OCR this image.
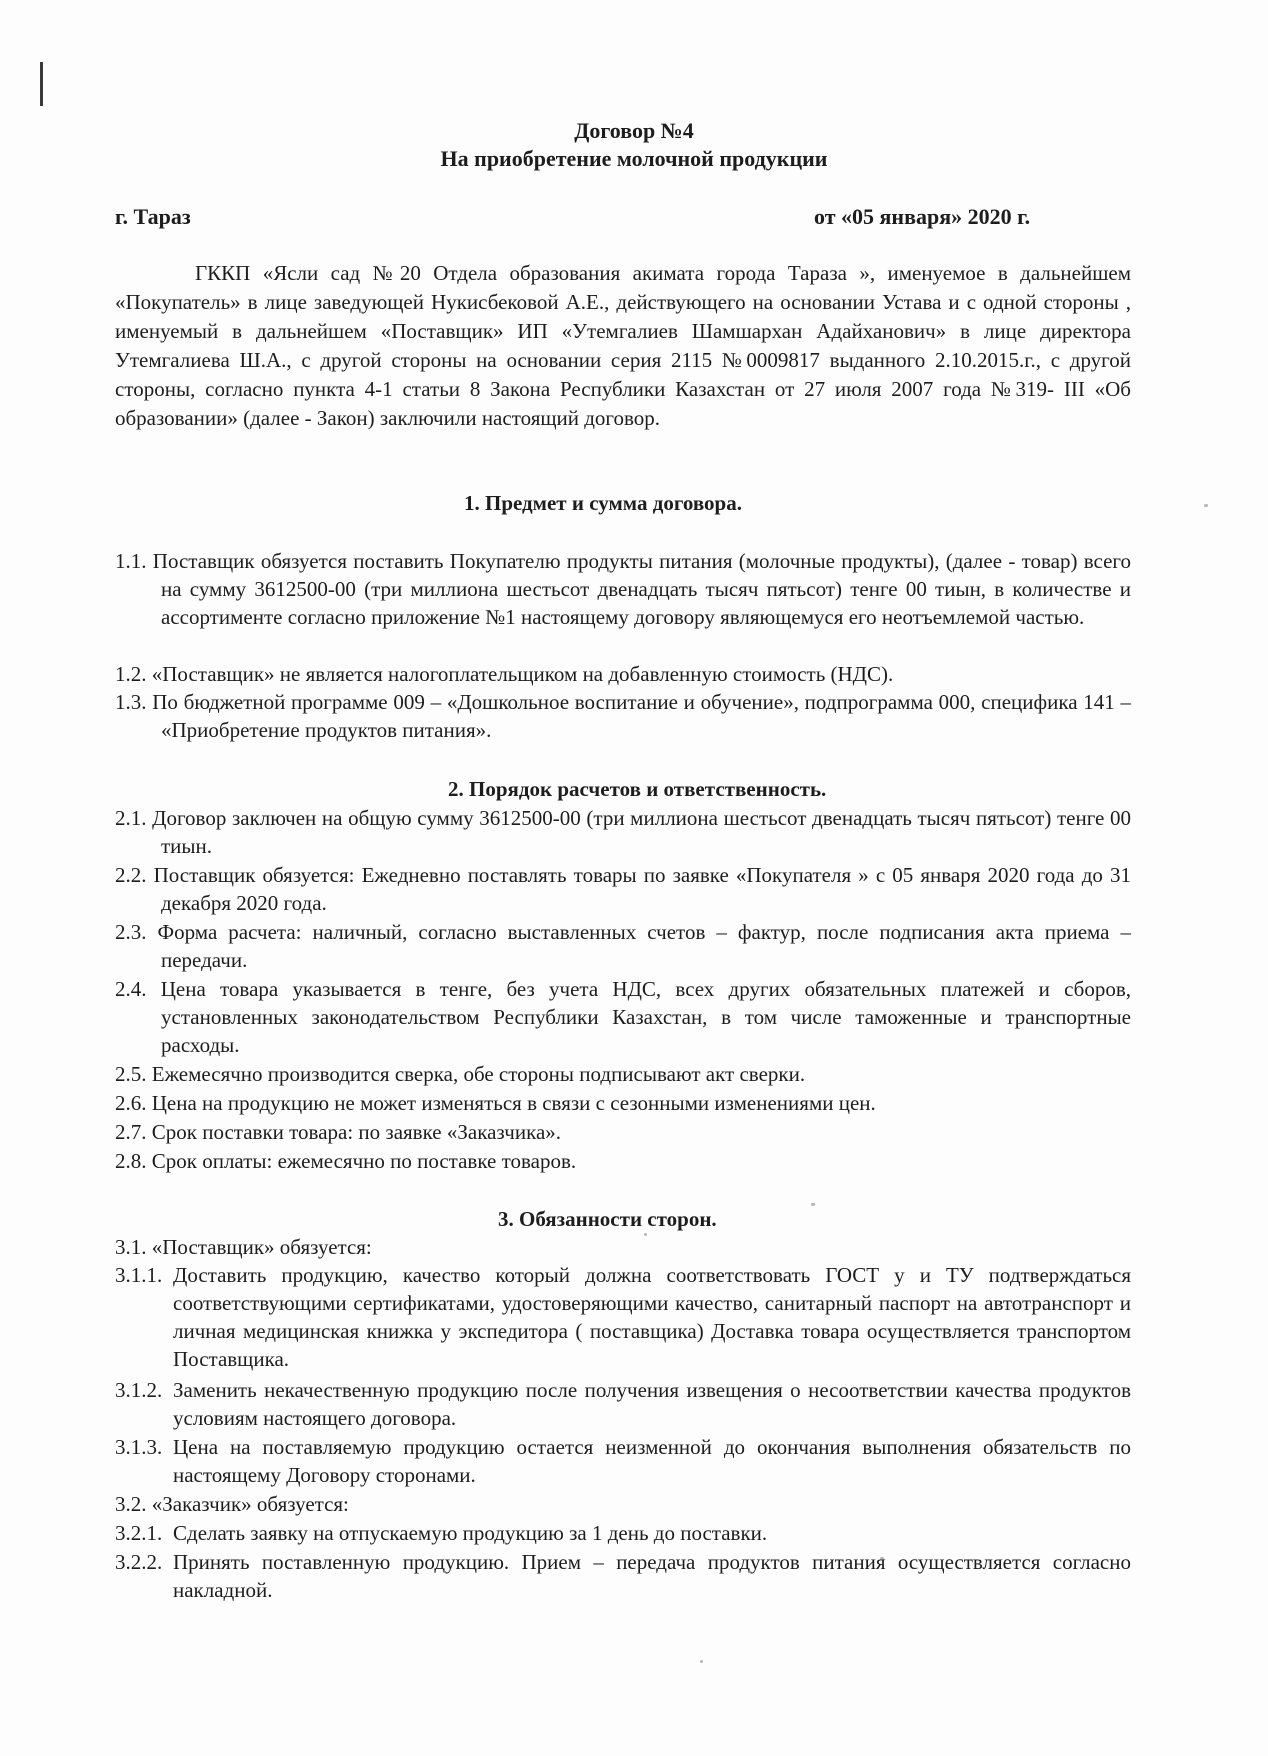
Договор №4
На приобретение молочной продукции
г. Тараз	от «05 января» 2020 г.
ГККП «Ясли сад №20 Отдела образования акимата города Тараза », именуемое в дальнейшем «Покупатель» в лице заведующей Нукисбековой А.Е., действующего на основании Устава и с одной стороны , именуемый в дальнейшем «Поставщик» ИП «Утемгалиев Шамшархан Адайханович» в лице директора Утемгалиева Ш.А., с другой стороны на основании серия 2115 №0009817 выданного 2.10.2015.г., с другой стороны, согласно пункта 4-1 статьи 8 Закона Республики Казахстан от 27 июля 2007 года №319- III «Об образовании» (далее - Закон) заключили настоящий договор.
1. Предмет и сумма договора.
1.1. Поставщик обязуется поставить Покупателю продукты питания (молочные продукты), (далее - товар) всего на сумму 3612500-00 (три миллиона шестьсот двенадцать тысяч пятьсот) тенге 00 тиын, в количестве и ассортименте согласно приложение №1 настоящему договору являющемуся его неотъемлемой частью.
1.2. «Поставщик» не является налогоплательщиком на добавленную стоимость (НДС).
1.3. По бюджетной программе 009 – «Дошкольное воспитание и обучение», подпрограмма 000, специфика 141 – «Приобретение продуктов питания».
2. Порядок расчетов и ответственность.
2.1. Договор заключен на общую сумму 3612500-00 (три миллиона шестьсот двенадцать тысяч пятьсот) тенге 00 тиын.
2.2. Поставщик обязуется: Ежедневно поставлять товары по заявке «Покупателя » с 05 января 2020 года до 31 декабря 2020 года.
2.3. Форма расчета: наличный, согласно выставленных счетов – фактур, после подписания акта приема – передачи.
2.4. Цена товара указывается в тенге, без учета НДС, всех других обязательных платежей и сборов, установленных законодательством Республики Казахстан, в том числе таможенные и транспортные расходы.
2.5. Ежемесячно производится сверка, обе стороны подписывают акт сверки.
2.6. Цена на продукцию не может изменяться в связи с сезонными изменениями цен.
2.7. Срок поставки товара: по заявке «Заказчика».
2.8. Срок оплаты: ежемесячно по поставке товаров.
3. Обязанности сторон.
3.1. «Поставщик» обязуется:
3.1.1. Доставить продукцию, качество который должна соответствовать ГОСТ у и ТУ подтверждаться соответствующими сертификатами, удостоверяющими качество, санитарный паспорт на автотранспорт и личная медицинская книжка у экспедитора ( поставщика) Доставка товара осуществляется транспортом Поставщика.
3.1.2. Заменить некачественную продукцию после получения извещения о несоответствии качества продуктов условиям настоящего договора.
3.1.3. Цена на поставляемую продукцию остается неизменной до окончания выполнения обязательств по настоящему Договору сторонами.
3.2. «Заказчик» обязуется:
3.2.1. Сделать заявку на отпускаемую продукцию за 1 день до поставки.
3.2.2. Принять поставленную продукцию. Прием – передача продуктов питания осуществляется согласно накладной.
